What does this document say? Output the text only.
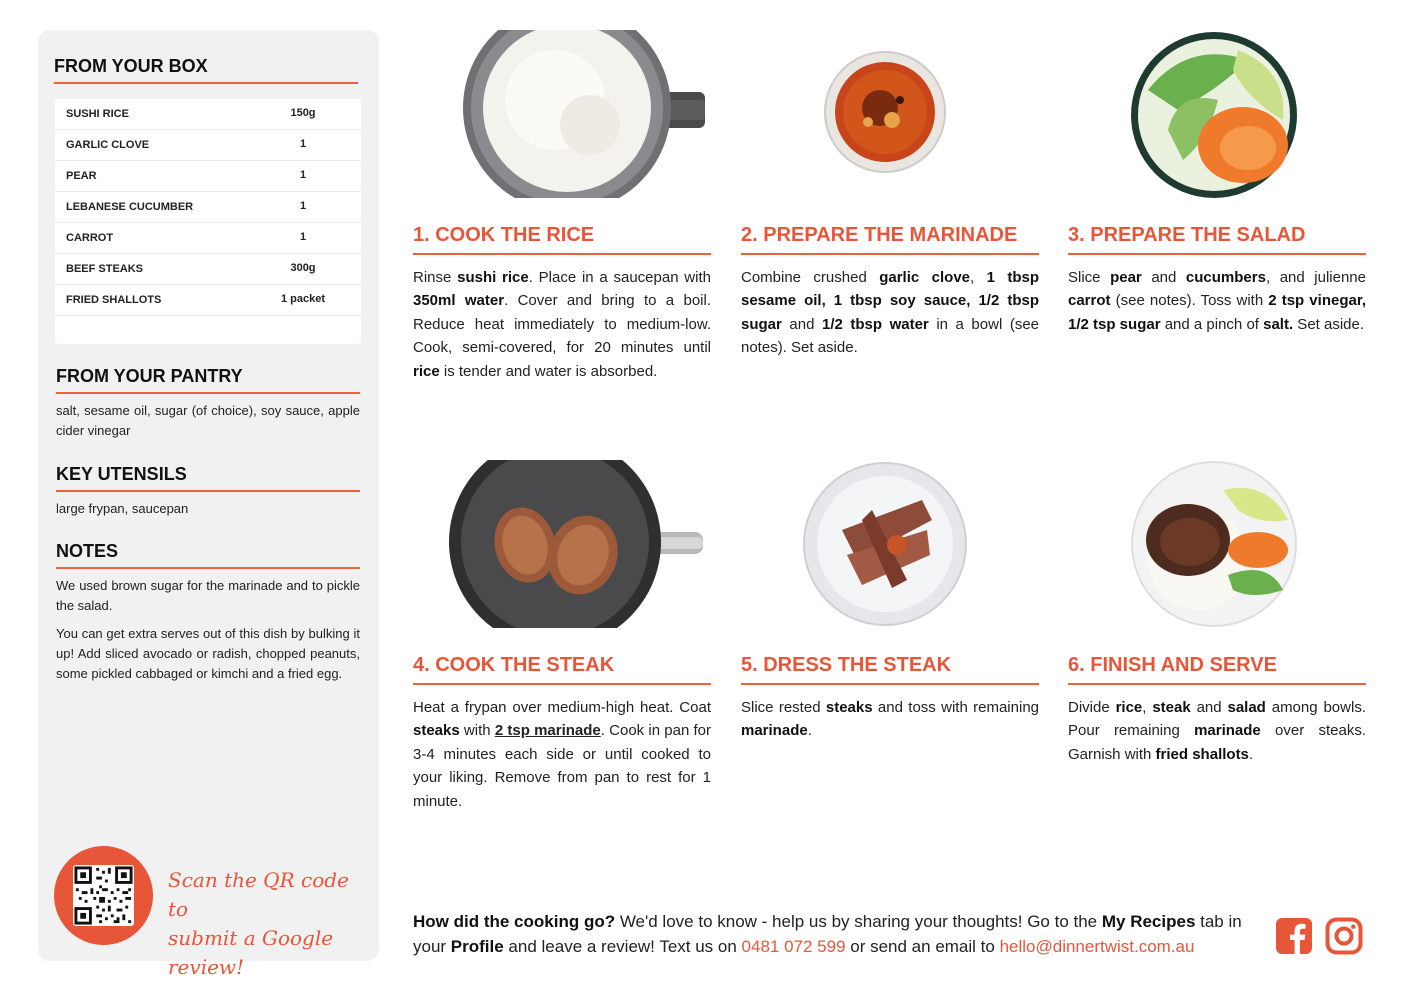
FROM YOUR BOX
SUSHI RICE	150g
GARLIC CLOVE	1
PEAR	1
LEBANESE CUCUMBER	1
CARROT	1
BEEF STEAKS	300g
FRIED SHALLOTS	1 packet
FROM YOUR PANTRY
salt, sesame oil, sugar (of choice), soy sauce, apple cider vinegar
KEY UTENSILS
large frypan, saucepan
NOTES
We used brown sugar for the marinade and to pickle the salad.
You can get extra serves out of this dish by bulking it up! Add sliced avocado or radish, chopped peanuts, some pickled cabbaged or kimchi and a fried egg.
Scan the QR code to
submit a Google review!
1. COOK THE RICE
Rinse sushi rice. Place in a saucepan with 350ml water. Cover and bring to a boil. Reduce heat immediately to medium-low. Cook, semi-covered, for 20 minutes until rice is tender and water is absorbed.
2. PREPARE THE MARINADE
Combine crushed garlic clove, 1 tbsp sesame oil, 1 tbsp soy sauce, 1/2 tbsp sugar and 1/2 tbsp water in a bowl (see notes). Set aside.
3. PREPARE THE SALAD
Slice pear and cucumbers, and julienne carrot (see notes). Toss with 2 tsp vinegar, 1/2 tsp sugar and a pinch of salt. Set aside.
4. COOK THE STEAK
Heat a frypan over medium-high heat. Coat steaks with 2 tsp marinade. Cook in pan for 3-4 minutes each side or until cooked to your liking. Remove from pan to rest for 1 minute.
5. DRESS THE STEAK
Slice rested steaks and toss with remaining marinade.
6. FINISH AND SERVE
Divide rice, steak and salad among bowls. Pour remaining marinade over steaks. Garnish with fried shallots.
How did the cooking go? We'd love to know - help us by sharing your thoughts! Go to the My Recipes tab in your Profile and leave a review! Text us on 0481 072 599 or send an email to hello@dinnertwist.com.au
